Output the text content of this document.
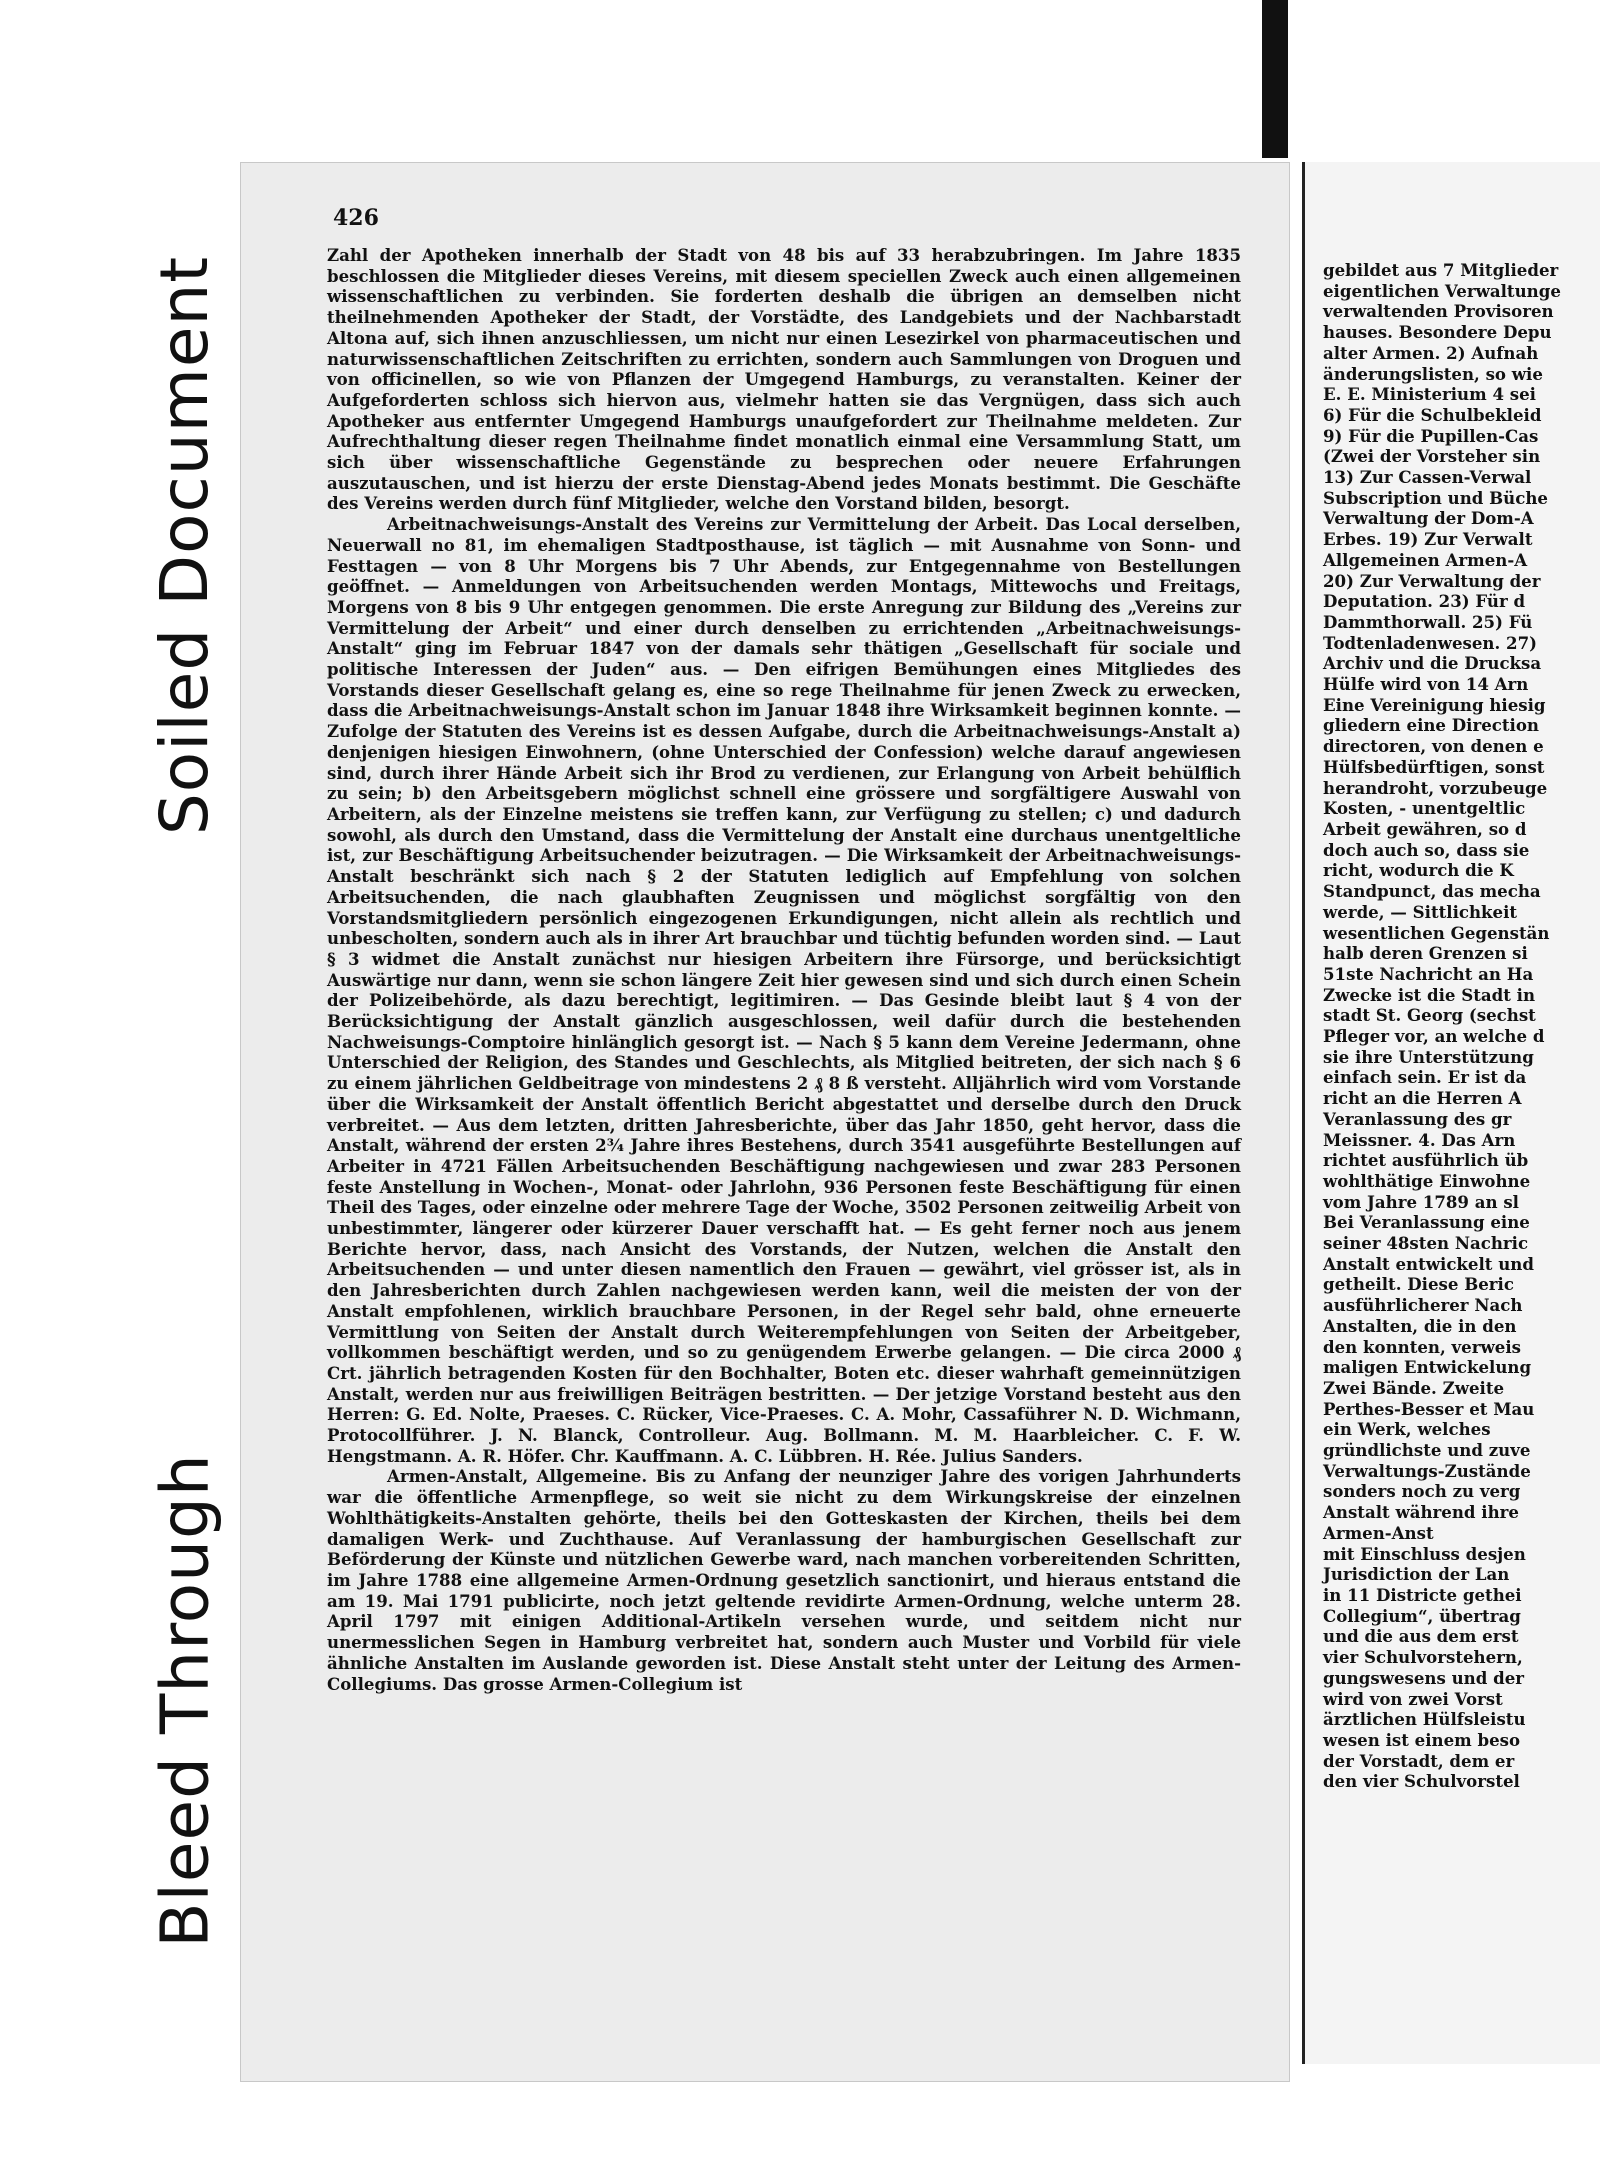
Soiled Document
Bleed Through
426

Zahl der Apotheken innerhalb der Stadt von 48 bis auf 33 herabzubringen. Im Jahre 1835 beschlossen die Mitglieder dieses Vereins, mit diesem speciellen Zweck auch einen allgemeinen wissenschaftlichen zu verbinden. Sie forderten deshalb die übrigen an demselben nicht theilnehmenden Apotheker der Stadt, der Vorstädte, des Landgebiets und der Nachbarstadt Altona auf, sich ihnen anzuschliessen, um nicht nur einen Lesezirkel von pharmaceutischen und naturwissenschaftlichen Zeitschriften zu errichten, sondern auch Sammlungen von Droguen und von officinellen, so wie von Pflanzen der Umgegend Hamburgs, zu veranstalten. Keiner der Aufgeforderten schloss sich hiervon aus, vielmehr hatten sie das Vergnügen, dass sich auch Apotheker aus entfernter Umgegend Hamburgs unaufgefordert zur Theilnahme meldeten. Zur Aufrechthaltung dieser regen Theilnahme findet monatlich einmal eine Versammlung Statt, um sich über wissenschaftliche Gegenstände zu besprechen oder neuere Erfahrungen auszutauschen, und ist hierzu der erste Dienstag-Abend jedes Monats bestimmt. Die Geschäfte des Vereins werden durch fünf Mitglieder, welche den Vorstand bilden, besorgt.

Arbeitnachweisungs-Anstalt des Vereins zur Vermittelung der Arbeit. Das Local derselben, Neuerwall no 81, im ehemaligen Stadtposthause, ist täglich — mit Ausnahme von Sonn- und Festtagen — von 8 Uhr Morgens bis 7 Uhr Abends, zur Entgegennahme von Bestellungen geöffnet. — Anmeldungen von Arbeitsuchenden werden Montags, Mittewochs und Freitags, Morgens von 8 bis 9 Uhr entgegen genommen. Die erste Anregung zur Bildung des „Vereins zur Vermittelung der Arbeit“ und einer durch denselben zu errichtenden „Arbeitnachweisungs-Anstalt“ ging im Februar 1847 von der damals sehr thätigen „Gesellschaft für sociale und politische Interessen der Juden“ aus. — Den eifrigen Bemühungen eines Mitgliedes des Vorstands dieser Gesellschaft gelang es, eine so rege Theilnahme für jenen Zweck zu erwecken, dass die Arbeitnachweisungs-Anstalt schon im Januar 1848 ihre Wirksamkeit beginnen konnte. — Zufolge der Statuten des Vereins ist es dessen Aufgabe, durch die Arbeitnachweisungs-Anstalt a) denjenigen hiesigen Einwohnern, (ohne Unterschied der Confession) welche darauf angewiesen sind, durch ihrer Hände Arbeit sich ihr Brod zu verdienen, zur Erlangung von Arbeit behülflich zu sein; b) den Arbeitsgebern möglichst schnell eine grössere und sorgfältigere Auswahl von Arbeitern, als der Einzelne meistens sie treffen kann, zur Verfügung zu stellen; c) und dadurch sowohl, als durch den Umstand, dass die Vermittelung der Anstalt eine durchaus unentgeltliche ist, zur Beschäftigung Arbeitsuchender beizutragen. — Die Wirksamkeit der Arbeitnachweisungs-Anstalt beschränkt sich nach § 2 der Statuten lediglich auf Empfehlung von solchen Arbeitsuchenden, die nach glaubhaften Zeugnissen und möglichst sorgfältig von den Vorstandsmitgliedern persönlich eingezogenen Erkundigungen, nicht allein als rechtlich und unbescholten, sondern auch als in ihrer Art brauchbar und tüchtig befunden worden sind. — Laut § 3 widmet die Anstalt zunächst nur hiesigen Arbeitern ihre Fürsorge, und berücksichtigt Auswärtige nur dann, wenn sie schon längere Zeit hier gewesen sind und sich durch einen Schein der Polizeibehörde, als dazu berechtigt, legitimiren. — Das Gesinde bleibt laut § 4 von der Berücksichtigung der Anstalt gänzlich ausgeschlossen, weil dafür durch die bestehenden Nachweisungs-Comptoire hinlänglich gesorgt ist. — Nach § 5 kann dem Vereine Jedermann, ohne Unterschied der Religion, des Standes und Geschlechts, als Mitglied beitreten, der sich nach § 6 zu einem jährlichen Geldbeitrage von mindestens 2 ₰ 8 ß versteht. Alljährlich wird vom Vorstande über die Wirksamkeit der Anstalt öffentlich Bericht abgestattet und derselbe durch den Druck verbreitet. — Aus dem letzten, dritten Jahresberichte, über das Jahr 1850, geht hervor, dass die Anstalt, während der ersten 2¾ Jahre ihres Bestehens, durch 3541 ausgeführte Bestellungen auf Arbeiter in 4721 Fällen Arbeitsuchenden Beschäftigung nachgewiesen und zwar 283 Personen feste Anstellung in Wochen-, Monat- oder Jahrlohn, 936 Personen feste Beschäftigung für einen Theil des Tages, oder einzelne oder mehrere Tage der Woche, 3502 Personen zeitweilig Arbeit von unbestimmter, längerer oder kürzerer Dauer verschafft hat. — Es geht ferner noch aus jenem Berichte hervor, dass, nach Ansicht des Vorstands, der Nutzen, welchen die Anstalt den Arbeitsuchenden — und unter diesen namentlich den Frauen — gewährt, viel grösser ist, als in den Jahresberichten durch Zahlen nachgewiesen werden kann, weil die meisten der von der Anstalt empfohlenen, wirklich brauchbare Personen, in der Regel sehr bald, ohne erneuerte Vermittlung von Seiten der Anstalt durch Weiterempfehlungen von Seiten der Arbeitgeber, vollkommen beschäftigt werden, und so zu genügendem Erwerbe gelangen. — Die circa 2000 ₰ Crt. jährlich betragenden Kosten für den Bochhalter, Boten etc. dieser wahrhaft gemeinnützigen Anstalt, werden nur aus freiwilligen Beiträgen bestritten. — Der jetzige Vorstand besteht aus den Herren: G. Ed. Nolte, Praeses. C. Rücker, Vice-Praeses. C. A. Mohr, Cassaführer N. D. Wichmann, Protocollführer. J. N. Blanck, Controlleur. Aug. Bollmann. M. M. Haarbleicher. C. F. W. Hengstmann. A. R. Höfer. Chr. Kauffmann. A. C. Lübbren. H. Rée. Julius Sanders.

Armen-Anstalt, Allgemeine. Bis zu Anfang der neunziger Jahre des vorigen Jahrhunderts war die öffentliche Armenpflege, so weit sie nicht zu dem Wirkungskreise der einzelnen Wohlthätigkeits-Anstalten gehörte, theils bei den Gotteskasten der Kirchen, theils bei dem damaligen Werk- und Zuchthause. Auf Veranlassung der hamburgischen Gesellschaft zur Beförderung der Künste und nützlichen Gewerbe ward, nach manchen vorbereitenden Schritten, im Jahre 1788 eine allgemeine Armen-Ordnung gesetzlich sanctionirt, und hieraus entstand die am 19. Mai 1791 publicirte, noch jetzt geltende revidirte Armen-Ordnung, welche unterm 28. April 1797 mit einigen Additional-Artikeln versehen wurde, und seitdem nicht nur unermesslichen Segen in Hamburg verbreitet hat, sondern auch Muster und Vorbild für viele ähnliche Anstalten im Auslande geworden ist. Diese Anstalt steht unter der Leitung des Armen-Collegiums. Das grosse Armen-Collegium ist

gebildet aus 7 Mitglieder
eigentlichen Verwaltunge
verwaltenden Provisoren
hauses. Besondere Depu
alter Armen. 2) Aufnah
änderungslisten, so wie
E. E. Ministerium 4 sei
6) Für die Schulbekleid
9) Für die Pupillen-Cas
(Zwei der Vorsteher sin
13) Zur Cassen-Verwal
Subscription und Büche
Verwaltung der Dom-A
Erbes. 19) Zur Verwalt
Allgemeinen Armen-A
20) Zur Verwaltung der
Deputation. 23) Für d
Dammthorwall. 25) Fü
Todtenladenwesen. 27)
Archiv und die Drucksa
Hülfe wird von 14 Arn
Eine Vereinigung hiesig
gliedern eine Direction
directoren, von denen e
Hülfsbedürftigen, sonst
herandroht, vorzubeuge
Kosten, - unentgeltlic
Arbeit gewähren, so d
doch auch so, dass sie
richt, wodurch die K
Standpunct, das mecha
werde, — Sittlichkeit
wesentlichen Gegenstän
halb deren Grenzen si
51ste Nachricht an Ha
Zwecke ist die Stadt in
stadt St. Georg (sechst
Pfleger vor, an welche d
sie ihre Unterstützung
einfach sein. Er ist da
richt an die Herren A
Veranlassung des gr
Meissner. 4. Das Arn
richtet ausführlich üb
wohlthätige Einwohne
vom Jahre 1789 an sl
Bei Veranlassung eine
seiner 48sten Nachric
Anstalt entwickelt und
getheilt. Diese Beric
ausführlicherer Nach
Anstalten, die in den
den konnten, verweis
maligen Entwickelung
Zwei Bände. Zweite
Perthes-Besser et Mau
ein Werk, welches
gründlichste und zuve
Verwaltungs-Zustände
sonders noch zu verg
Anstalt während ihre
Armen-Anst
mit Einschluss desjen
Jurisdiction der Lan
in 11 Districte gethei
Collegium“, übertrag
und die aus dem erst
vier Schulvorstehern,
gungswesens und der
wird von zwei Vorst
ärztlichen Hülfsleistu
wesen ist einem beso
der Vorstadt, dem er
den vier Schulvorstel
